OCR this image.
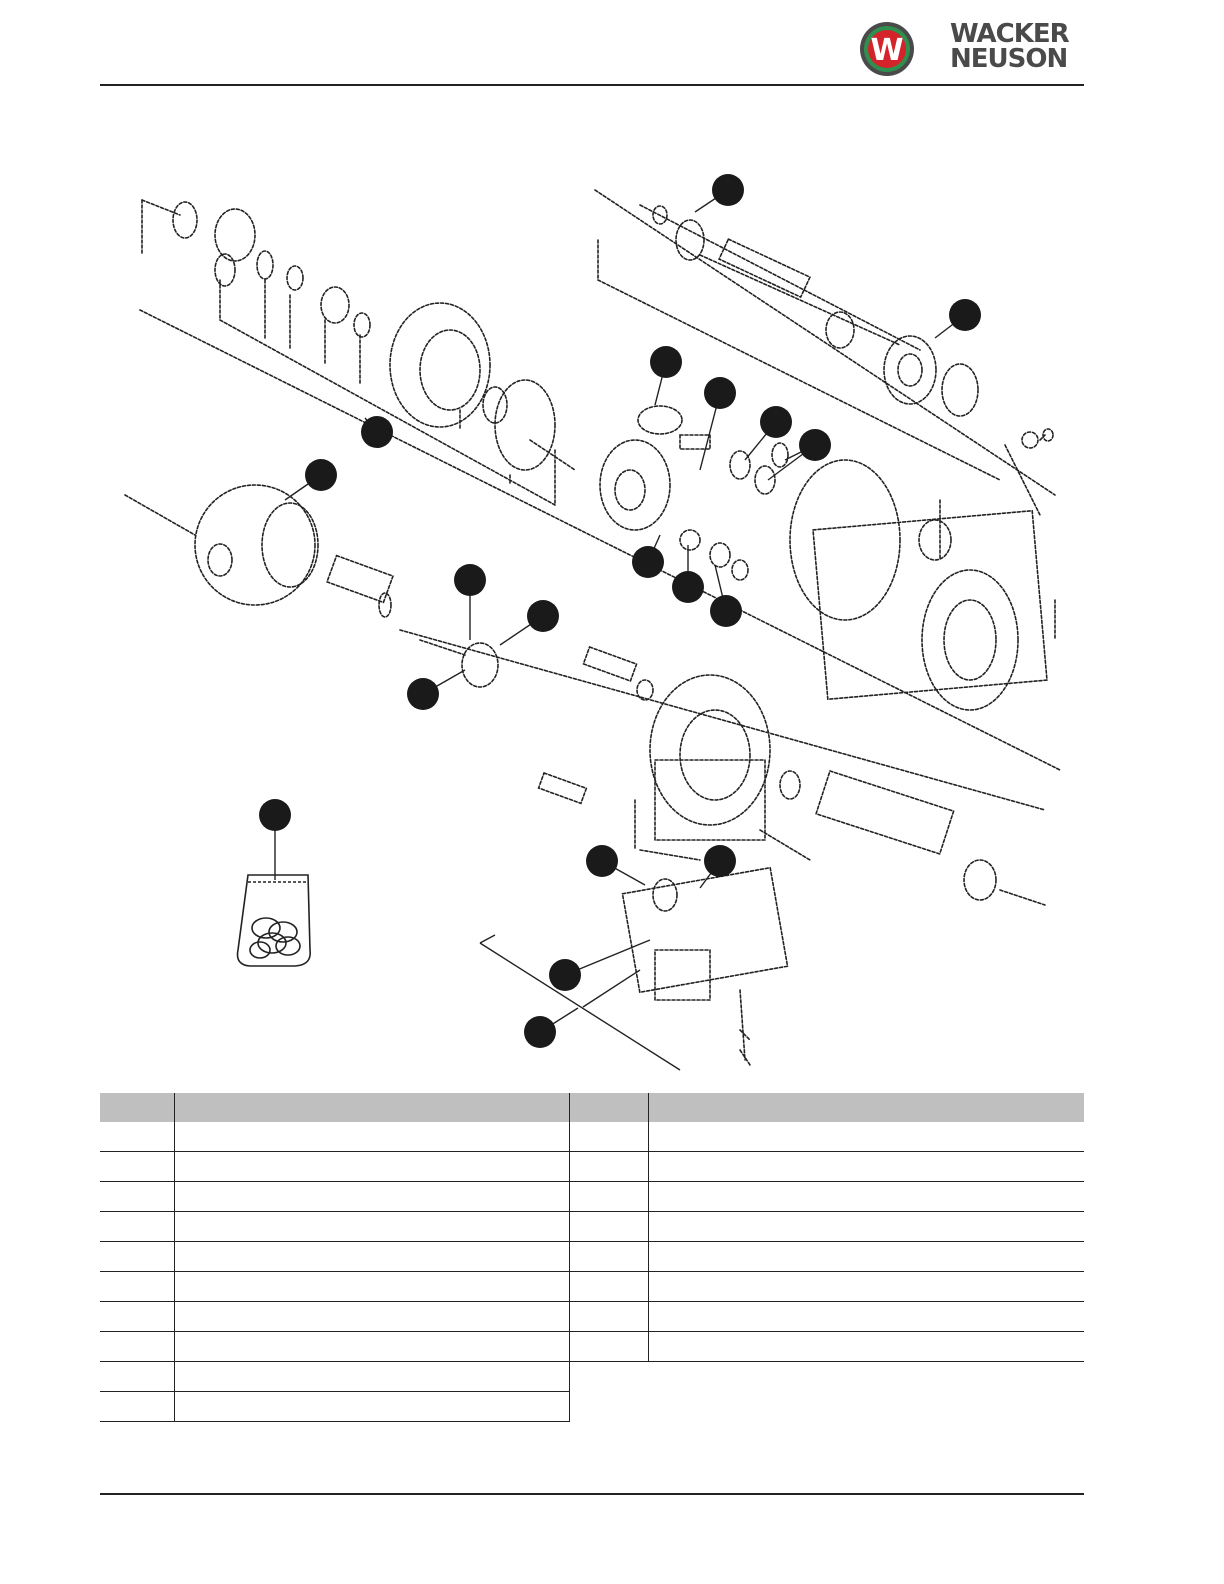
W WACKER
NEUSON
